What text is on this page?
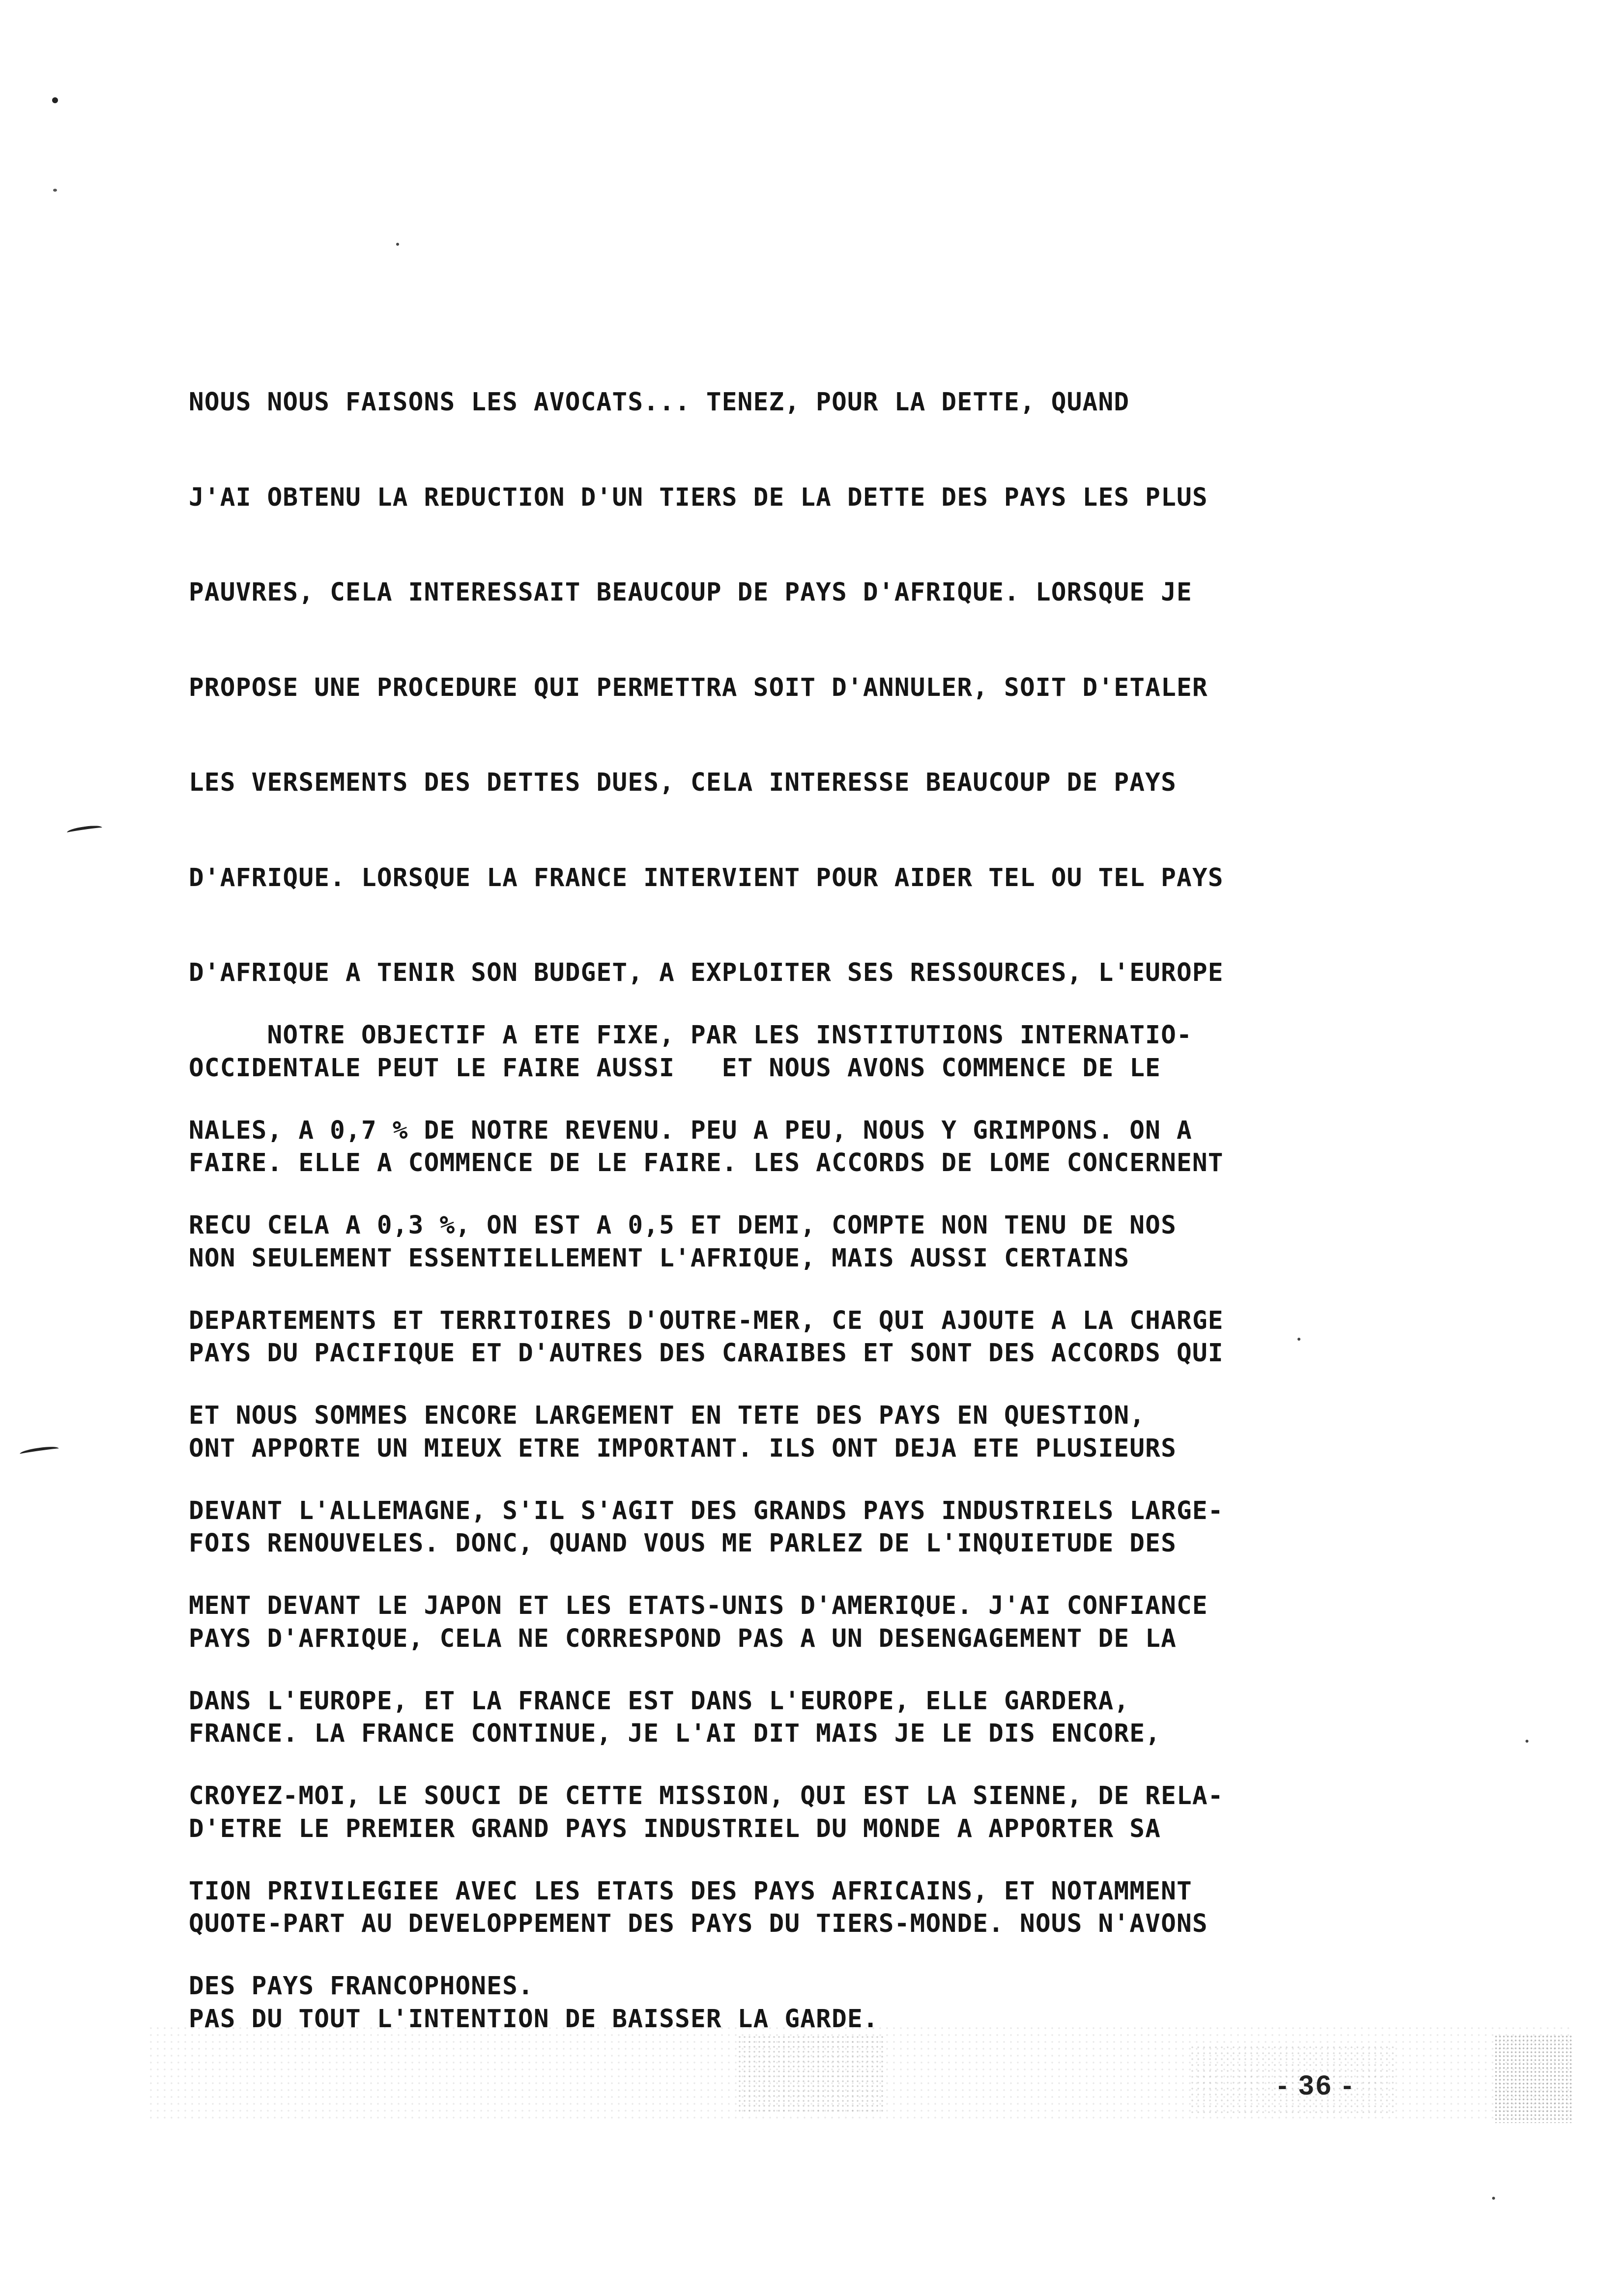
NOUS NOUS FAISONS LES AVOCATS... TENEZ, POUR LA DETTE, QUAND

J'AI OBTENU LA REDUCTION D'UN TIERS DE LA DETTE DES PAYS LES PLUS

PAUVRES, CELA INTERESSAIT BEAUCOUP DE PAYS D'AFRIQUE. LORSQUE JE

PROPOSE UNE PROCEDURE QUI PERMETTRA SOIT D'ANNULER, SOIT D'ETALER

LES VERSEMENTS DES DETTES DUES, CELA INTERESSE BEAUCOUP DE PAYS

D'AFRIQUE. LORSQUE LA FRANCE INTERVIENT POUR AIDER TEL OU TEL PAYS

D'AFRIQUE A TENIR SON BUDGET, A EXPLOITER SES RESSOURCES, L'EUROPE

OCCIDENTALE PEUT LE FAIRE AUSSI   ET NOUS AVONS COMMENCE DE LE

FAIRE. ELLE A COMMENCE DE LE FAIRE. LES ACCORDS DE LOME CONCERNENT

NON SEULEMENT ESSENTIELLEMENT L'AFRIQUE, MAIS AUSSI CERTAINS

PAYS DU PACIFIQUE ET D'AUTRES DES CARAIBES ET SONT DES ACCORDS QUI

ONT APPORTE UN MIEUX ETRE IMPORTANT. ILS ONT DEJA ETE PLUSIEURS

FOIS RENOUVELES. DONC, QUAND VOUS ME PARLEZ DE L'INQUIETUDE DES

PAYS D'AFRIQUE, CELA NE CORRESPOND PAS A UN DESENGAGEMENT DE LA

FRANCE. LA FRANCE CONTINUE, JE L'AI DIT MAIS JE LE DIS ENCORE,

D'ETRE LE PREMIER GRAND PAYS INDUSTRIEL DU MONDE A APPORTER SA

QUOTE-PART AU DEVELOPPEMENT DES PAYS DU TIERS-MONDE. NOUS N'AVONS

PAS DU TOUT L'INTENTION DE BAISSER LA GARDE.

NOTRE OBJECTIF A ETE FIXE, PAR LES INSTITUTIONS INTERNATIO-

NALES, A 0,7 % DE NOTRE REVENU. PEU A PEU, NOUS Y GRIMPONS. ON A

RECU CELA A 0,3 %, ON EST A 0,5 ET DEMI, COMPTE NON TENU DE NOS

DEPARTEMENTS ET TERRITOIRES D'OUTRE-MER, CE QUI AJOUTE A LA CHARGE

ET NOUS SOMMES ENCORE LARGEMENT EN TETE DES PAYS EN QUESTION,

DEVANT L'ALLEMAGNE, S'IL S'AGIT DES GRANDS PAYS INDUSTRIELS LARGE-

MENT DEVANT LE JAPON ET LES ETATS-UNIS D'AMERIQUE. J'AI CONFIANCE

DANS L'EUROPE, ET LA FRANCE EST DANS L'EUROPE, ELLE GARDERA,

CROYEZ-MOI, LE SOUCI DE CETTE MISSION, QUI EST LA SIENNE, DE RELA-

TION PRIVILEGIEE AVEC LES ETATS DES PAYS AFRICAINS, ET NOTAMMENT

DES PAYS FRANCOPHONES.

- 36 -
